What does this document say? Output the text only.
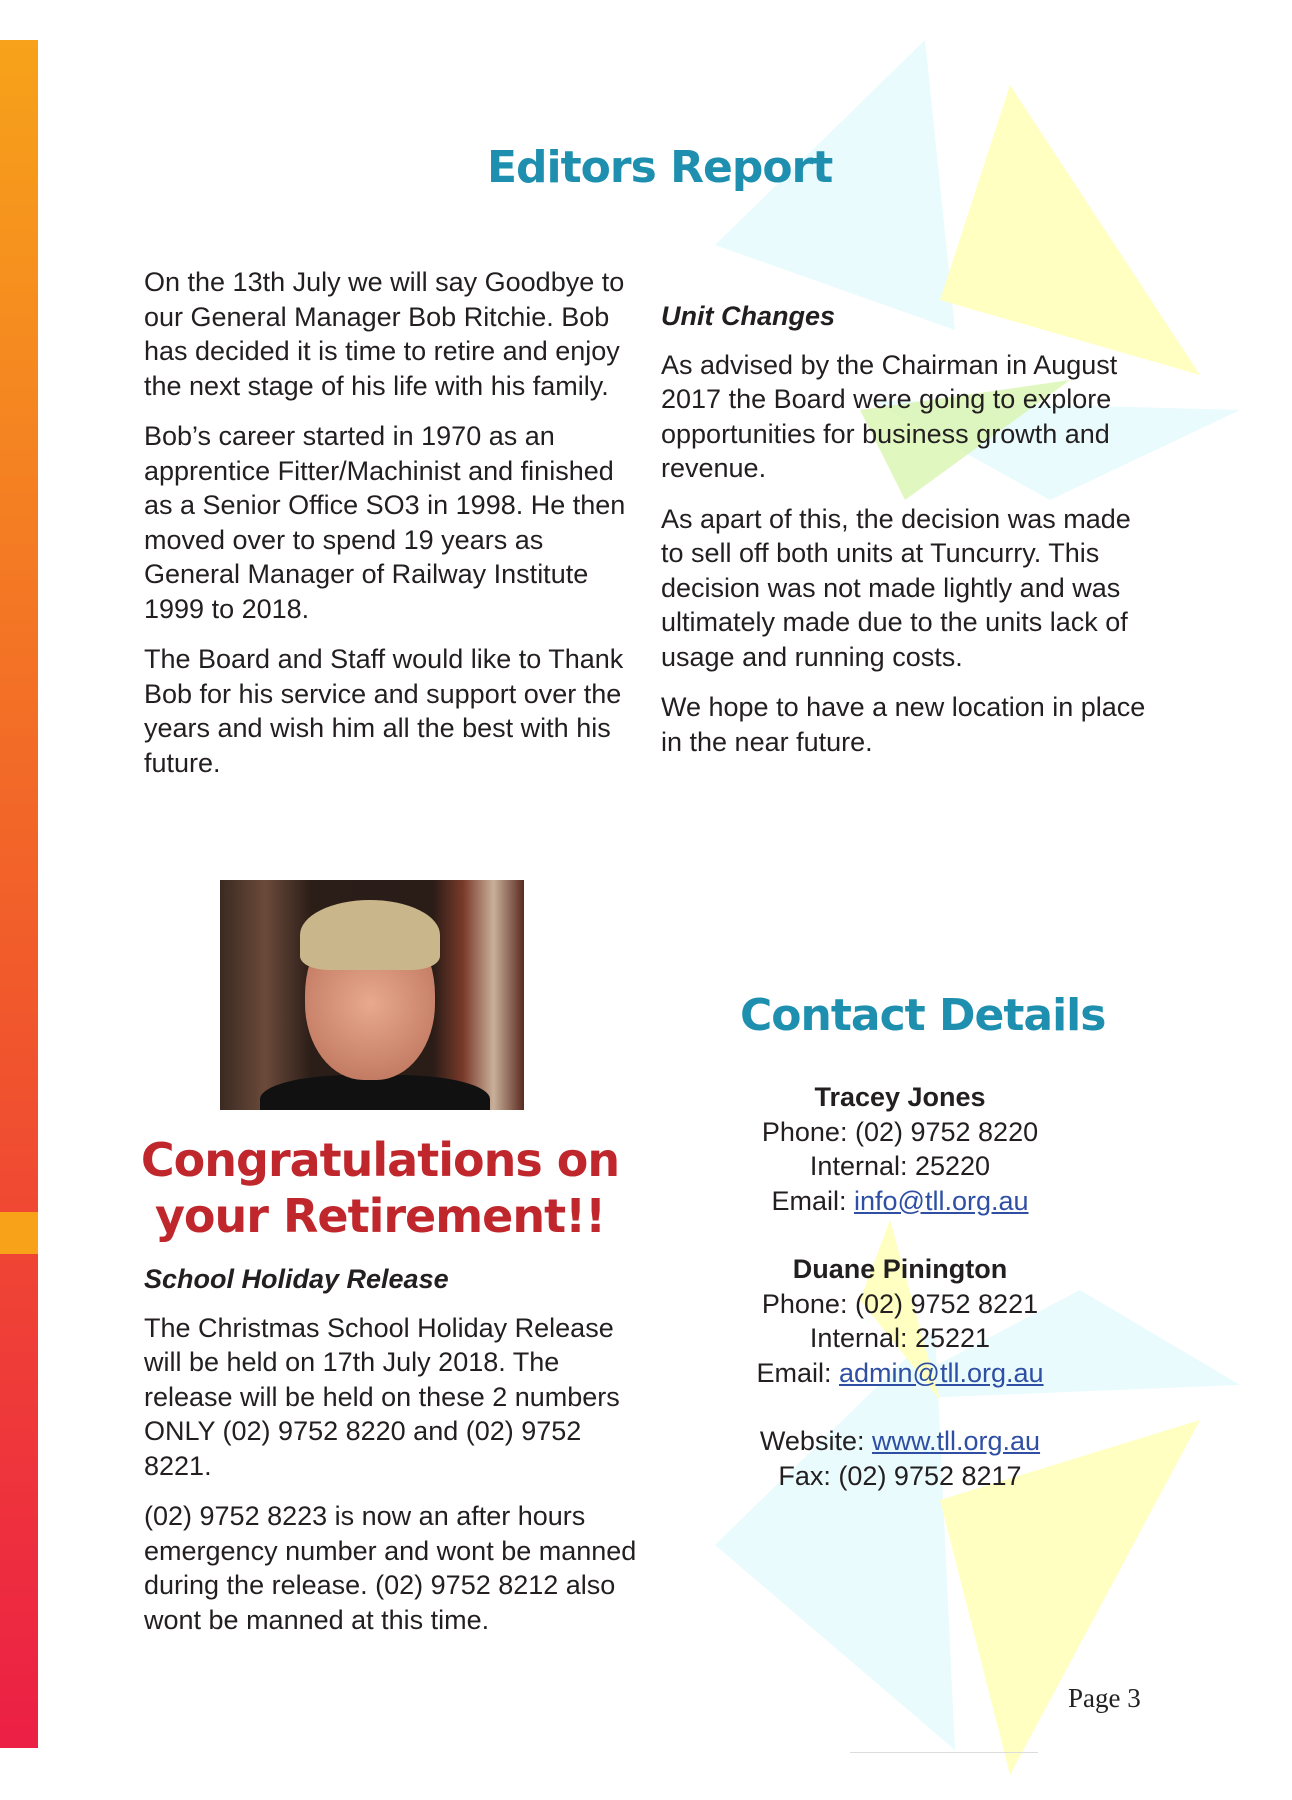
Editors Report

On the 13th July we will say Goodbye to our General Manager Bob Ritchie. Bob has decided it is time to retire and enjoy the next stage of his life with his family.

Bob’s career started in 1970 as an apprentice Fitter/Machinist and finished as a Senior Office SO3 in 1998. He then moved over to spend 19 years as General Manager of Railway Institute 1999 to 2018.

The Board and Staff would like to Thank Bob for his service and support over the years and wish him all the best with his future.

Unit Changes

As advised by the Chairman in August 2017 the Board were going to explore opportunities for business growth and revenue.

As apart of this, the decision was made to sell off both units at Tuncurry. This decision was not made lightly and was ultimately made due to the units lack of usage and running costs.

We hope to have a new location in place in the near future.

Congratulations on
your Retirement!!

School Holiday Release

The Christmas School Holiday Release will be held on 17th July 2018. The release will be held on these 2 numbers ONLY (02) 9752 8220 and (02) 9752 8221.

(02) 9752 8223 is now an after hours emergency number and wont be manned during the release. (02) 9752 8212 also wont be manned at this time.

Contact Details
Tracey Jones
Phone: (02) 9752 8220
Internal: 25220
Email: info@tll.org.au
Duane Pinington
Phone: (02) 9752 8221
Internal: 25221
Email: admin@tll.org.au
Website: www.tll.org.au
Fax: (02) 9752 8217
Page 3
